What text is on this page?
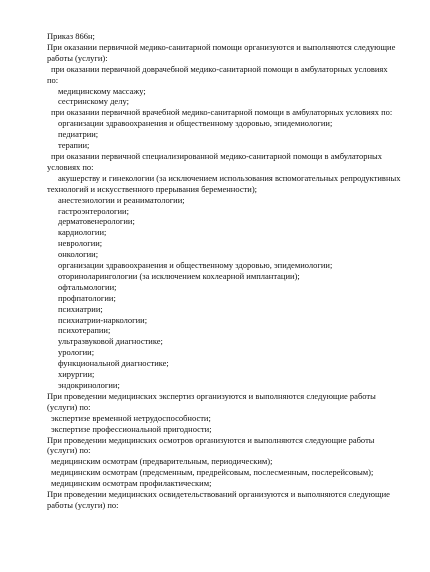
Приказ 866н;
При оказании первичной медико-санитарной помощи организуются и выполняются следующие
работы (услуги):
при оказании первичной доврачебной медико-санитарной помощи в амбулаторных условиях
по:
медицинскому массажу;
сестринскому делу;
при оказании первичной врачебной медико-санитарной помощи в амбулаторных условиях по:
организации здравоохранения и общественному здоровью, эпидемиологии;
педиатрии;
терапии;
при оказании первичной специализированной медико-санитарной помощи в амбулаторных
условиях по:
акушерству и гинекологии (за исключением использования вспомогательных репродуктивных
технологий и искусственного прерывания беременности);
анестезиологии и реаниматологии;
гастроэнтерологии;
дерматовенерологии;
кардиологии;
неврологии;
онкологии;
организации здравоохранения и общественному здоровью, эпидемиологии;
оториноларингологии (за исключением кохлеарной имплантации);
офтальмологии;
профпатологии;
психиатрии;
психиатрии-наркологии;
психотерапии;
ультразвуковой диагностике;
урологии;
функциональной диагностике;
хирургии;
эндокринологии;
При проведении медицинских экспертиз организуются и выполняются следующие работы
(услуги) по:
экспертизе временной нетрудоспособности;
экспертизе профессиональной пригодности;
При проведении медицинских осмотров организуются и выполняются следующие работы
(услуги) по:
медицинским осмотрам (предварительным, периодическим);
медицинским осмотрам (предсменным, предрейсовым, послесменным, послерейсовым);
медицинским осмотрам профилактическим;
При проведении медицинских освидетельствований организуются и выполняются следующие
работы (услуги) по:
